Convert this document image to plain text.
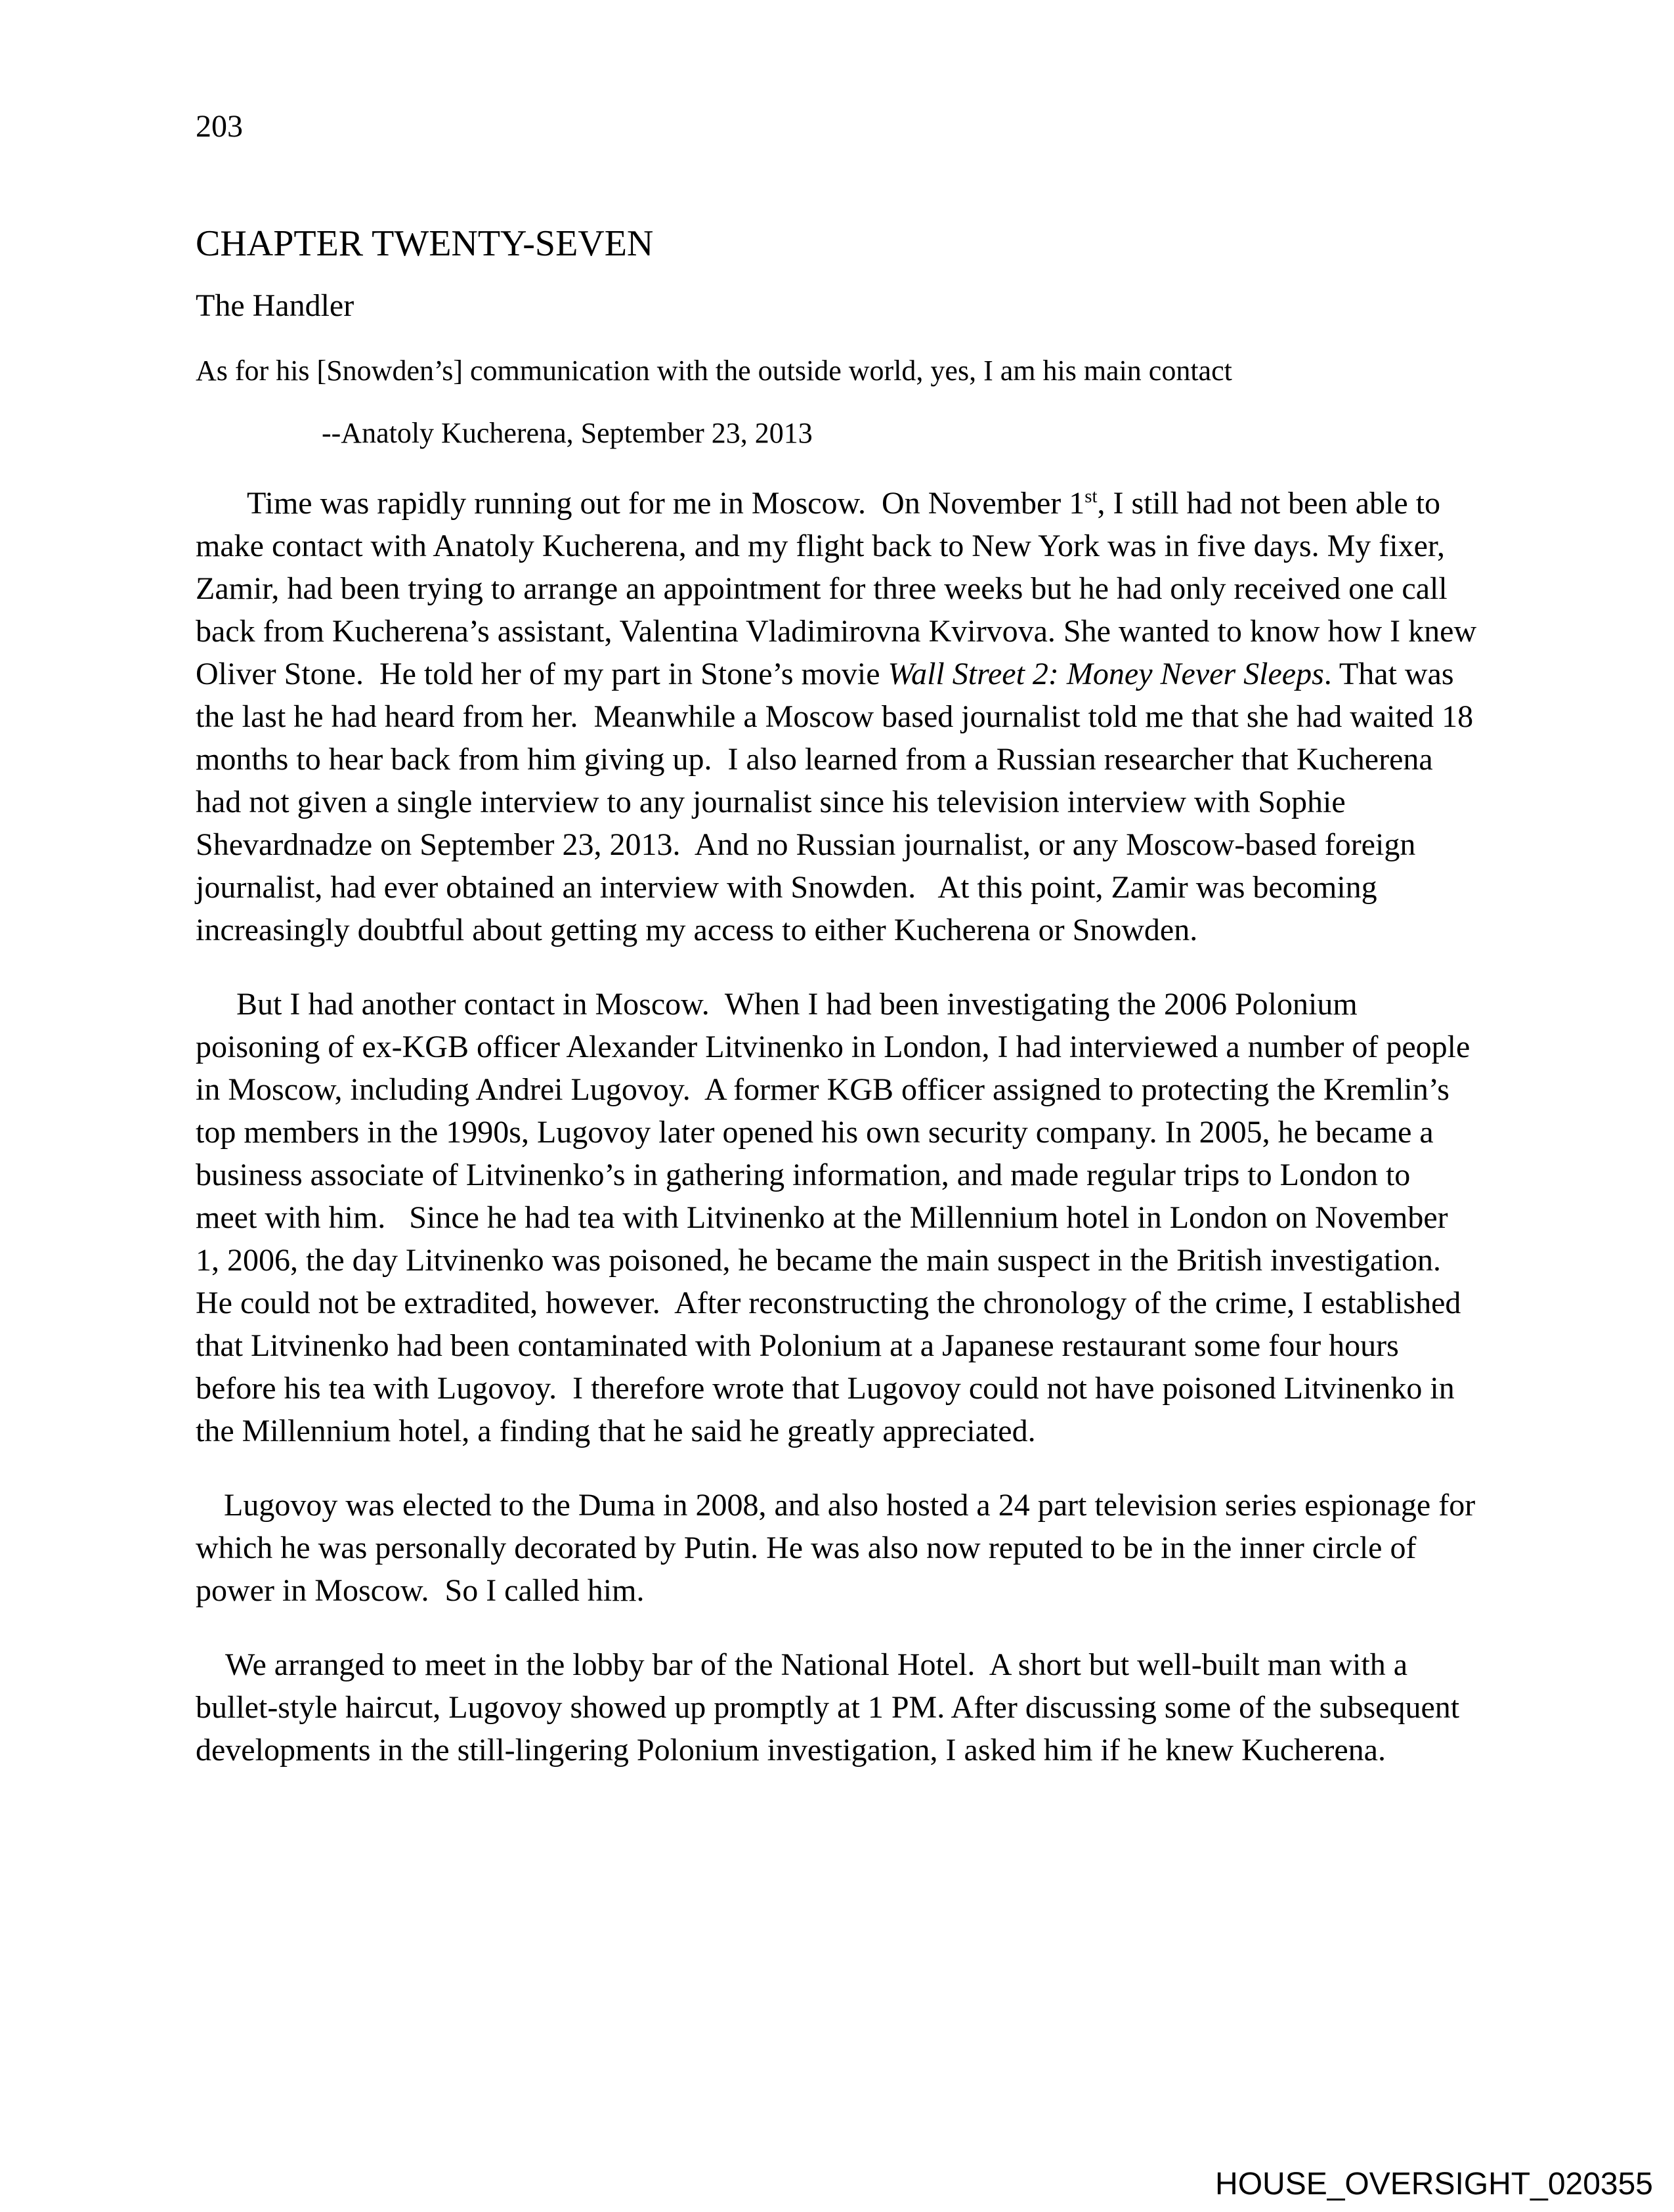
203
CHAPTER TWENTY-SEVEN
The Handler

As for his [Snowden’s] communication with the outside world, yes, I am his main contact

--Anatoly Kucherena, September 23, 2013

Time was rapidly running out for me in Moscow.  On November 1st, I still had not been able to make contact with Anatoly Kucherena, and my flight back to New York was in five days. My fixer, Zamir, had been trying to arrange an appointment for three weeks but he had only received one call back from Kucherena’s assistant, Valentina Vladimirovna Kvirvova. She wanted to know how I knew Oliver Stone.  He told her of my part in Stone’s movie Wall Street 2: Money Never Sleeps. That was the last he had heard from her.  Meanwhile a Moscow based journalist told me that she had waited 18 months to hear back from him giving up.  I also learned from a Russian researcher that Kucherena had not given a single interview to any journalist since his television interview with Sophie Shevardnadze on September 23, 2013.  And no Russian journalist, or any Moscow-based foreign journalist, had ever obtained an interview with Snowden.   At this point, Zamir was becoming increasingly doubtful about getting my access to either Kucherena or Snowden.

But I had another contact in Moscow.  When I had been investigating the 2006 Polonium poisoning of ex-KGB officer Alexander Litvinenko in London, I had interviewed a number of people in Moscow, including Andrei Lugovoy.  A former KGB officer assigned to protecting the Kremlin’s top members in the 1990s, Lugovoy later opened his own security company. In 2005, he became a business associate of Litvinenko’s in gathering information, and made regular trips to London to meet with him.   Since he had tea with Litvinenko at the Millennium hotel in London on November 1, 2006, the day Litvinenko was poisoned, he became the main suspect in the British investigation. He could not be extradited, however.  After reconstructing the chronology of the crime, I established that Litvinenko had been contaminated with Polonium at a Japanese restaurant some four hours before his tea with Lugovoy.  I therefore wrote that Lugovoy could not have poisoned Litvinenko in the Millennium hotel, a finding that he said he greatly appreciated.

Lugovoy was elected to the Duma in 2008, and also hosted a 24 part television series espionage for which he was personally decorated by Putin. He was also now reputed to be in the inner circle of power in Moscow.  So I called him.

We arranged to meet in the lobby bar of the National Hotel.  A short but well-built man with a bullet-style haircut, Lugovoy showed up promptly at 1 PM. After discussing some of the subsequent developments in the still-lingering Polonium investigation, I asked him if he knew Kucherena.

HOUSE_OVERSIGHT_020355
